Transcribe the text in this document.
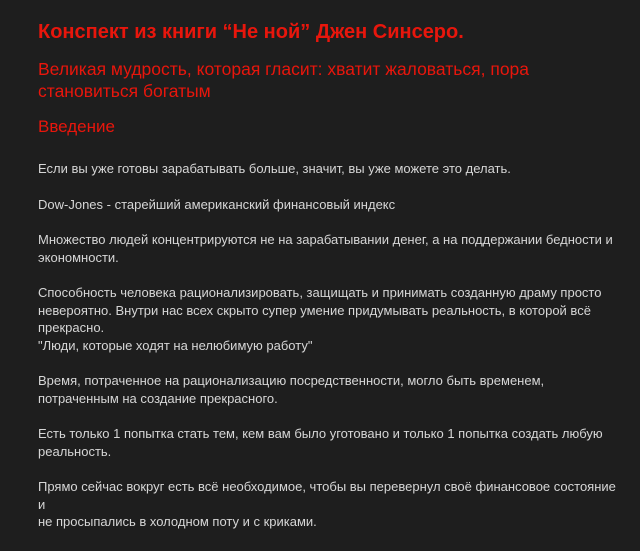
Конспект из книги “Не ной” Джен Синсеро.
Великая мудрость, которая гласит: хватит жаловаться, пора
становиться богатым
Введение
Если вы уже готовы зарабатывать больше, значит, вы уже можете это делать.
Dow-Jones - старейший американский финансовый индекс
Множество людей концентрируются не на зарабатывании денег, а на поддержании бедности и
экономности.
Способность человека рационализировать, защищать и принимать созданную драму просто
невероятно. Внутри нас всех скрыто супер умение придумывать реальность, в которой всё
прекрасно.
"Люди, которые ходят на нелюбимую работу"
Время, потраченное на рационализацию посредственности, могло быть временем,
потраченным на создание прекрасного.
Есть только 1 попытка стать тем, кем вам было уготовано и только 1 попытка создать любую
реальность.
Прямо сейчас вокруг есть всё необходимое, чтобы вы перевернул своё финансовое состояние и
не просыпались в холодном поту и с криками.
